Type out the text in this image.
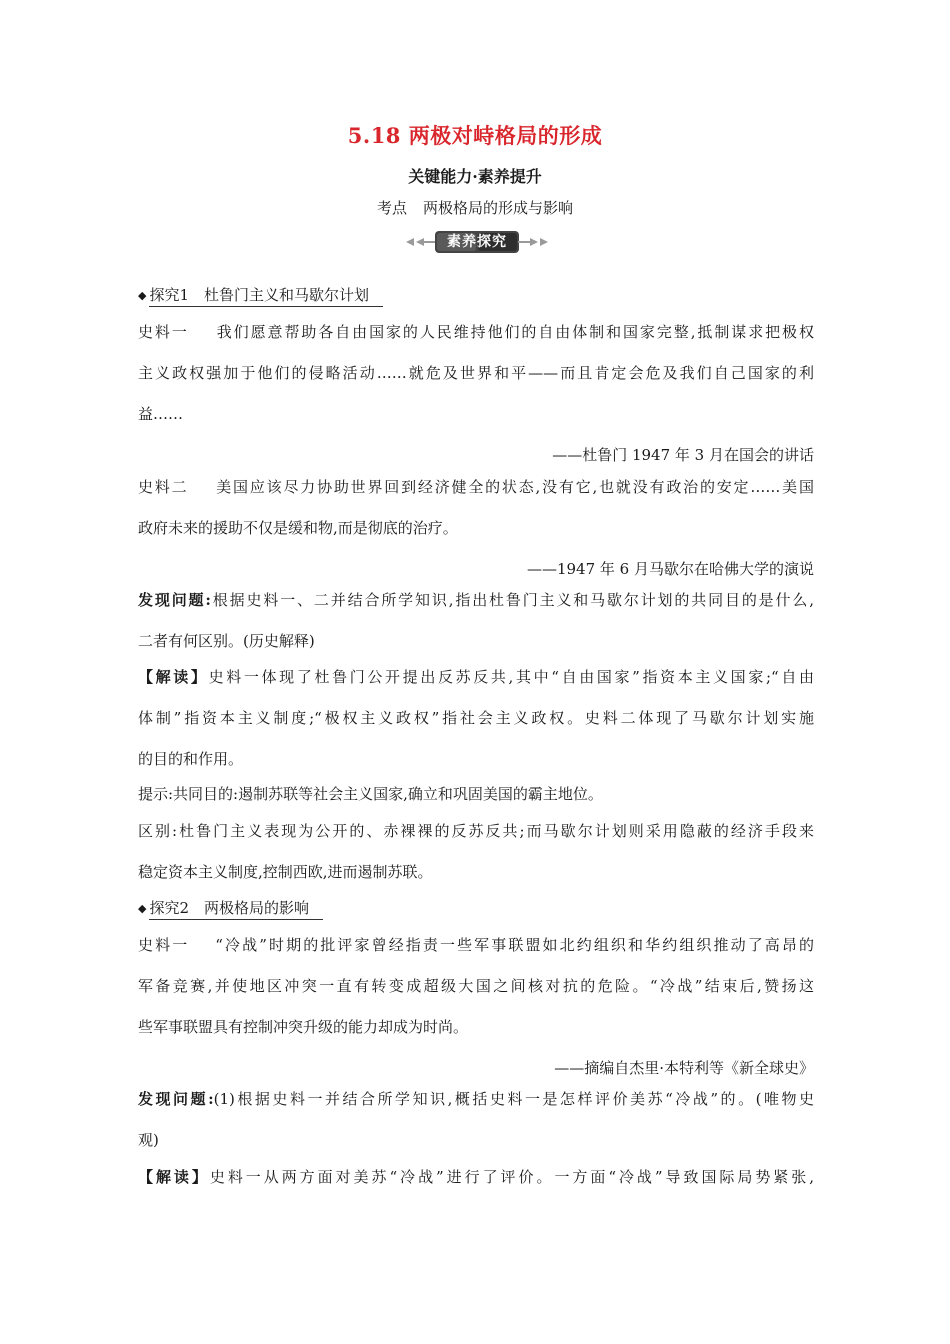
5.18 两极对峙格局的形成
关键能力·素养提升
考点 两极格局的形成与影响
素养探究
◆ 探究1　杜鲁门主义和马歇尔计划
史料一 我们愿意帮助各自由国家的人民维持他们的自由体制和国家完整,抵制谋求把极权
主义政权强加于他们的侵略活动……就危及世界和平——而且肯定会危及我们自己国家的利
益……
——杜鲁门 1947 年 3 月在国会的讲话
史料二 美国应该尽力协助世界回到经济健全的状态,没有它,也就没有政治的安定……美国
政府未来的援助不仅是缓和物,而是彻底的治疗。
——1947 年 6 月马歇尔在哈佛大学的演说
发现问题:根据史料一、二并结合所学知识,指出杜鲁门主义和马歇尔计划的共同目的是什么,
二者有何区别。(历史解释)
【解读】史料一体现了杜鲁门公开提出反苏反共,其中“自由国家”指资本主义国家;“自由
体制”指资本主义制度;“极权主义政权”指社会主义政权。史料二体现了马歇尔计划实施
的目的和作用。
提示:共同目的:遏制苏联等社会主义国家,确立和巩固美国的霸主地位。
区别:杜鲁门主义表现为公开的、赤裸裸的反苏反共;而马歇尔计划则采用隐蔽的经济手段来
稳定资本主义制度,控制西欧,进而遏制苏联。
◆ 探究2　两极格局的影响
史料一 “冷战”时期的批评家曾经指责一些军事联盟如北约组织和华约组织推动了高昂的
军备竞赛,并使地区冲突一直有转变成超级大国之间核对抗的危险。“冷战”结束后,赞扬这
些军事联盟具有控制冲突升级的能力却成为时尚。
——摘编自杰里·本特利等《新全球史》
发现问题:(1)根据史料一并结合所学知识,概括史料一是怎样评价美苏“冷战”的。(唯物史
观)
【解读】史料一从两方面对美苏“冷战”进行了评价。一方面“冷战”导致国际局势紧张,
